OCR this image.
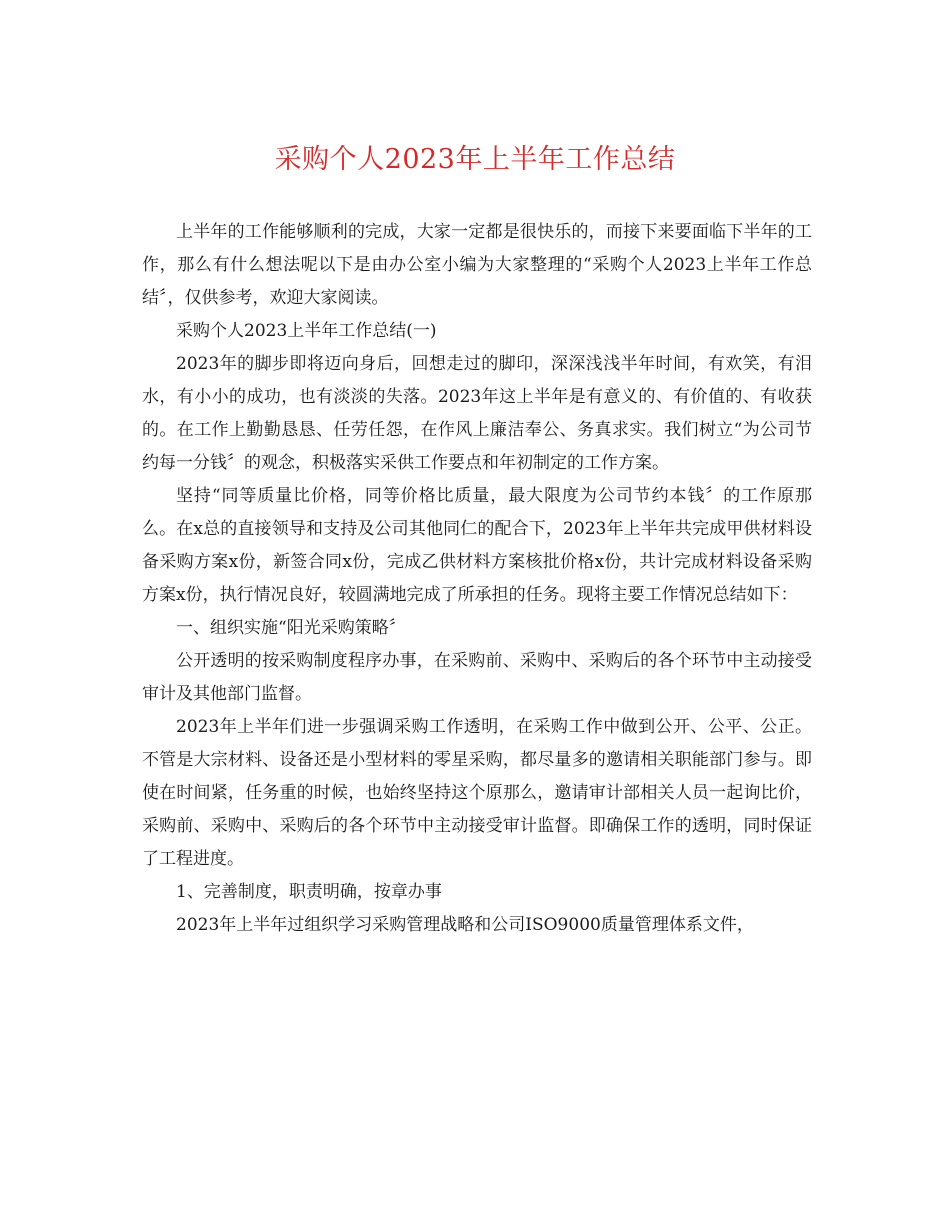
采购个人2023年上半年工作总结

上半年的工作能够顺利的完成，大家一定都是很快乐的，而接下来要面临下半年的工作，那么有什么想法呢以下是由办公室小编为大家整理的“采购个人2023上半年工作总结〞，仅供参考，欢迎大家阅读。

采购个人2023上半年工作总结(一)

2023年的脚步即将迈向身后，回想走过的脚印，深深浅浅半年时间，有欢笑，有泪水，有小小的成功，也有淡淡的失落。2023年这上半年是有意义的、有价值的、有收获的。在工作上勤勤恳恳、任劳任怨，在作风上廉洁奉公、务真求实。我们树立“为公司节约每一分钱〞的观念，积极落实采供工作要点和年初制定的工作方案。

坚持“同等质量比价格，同等价格比质量，最大限度为公司节约本钱〞的工作原那么。在x总的直接领导和支持及公司其他同仁的配合下，2023年上半年共完成甲供材料设备采购方案x份，新签合同x份，完成乙供材料方案核批价格x份，共计完成材料设备采购方案x份，执行情况良好，较圆满地完成了所承担的任务。现将主要工作情况总结如下：

一、组织实施“阳光采购策略〞

公开透明的按采购制度程序办事，在采购前、采购中、采购后的各个环节中主动接受审计及其他部门监督。

2023年上半年们进一步强调采购工作透明，在采购工作中做到公开、公平、公正。不管是大宗材料、设备还是小型材料的零星采购，都尽量多的邀请相关职能部门参与。即使在时间紧，任务重的时候，也始终坚持这个原那么，邀请审计部相关人员一起询比价，采购前、采购中、采购后的各个环节中主动接受审计监督。即确保工作的透明，同时保证了工程进度。

1、完善制度，职责明确，按章办事

2023年上半年过组织学习采购管理战略和公司ISO9000质量管理体系文件，
